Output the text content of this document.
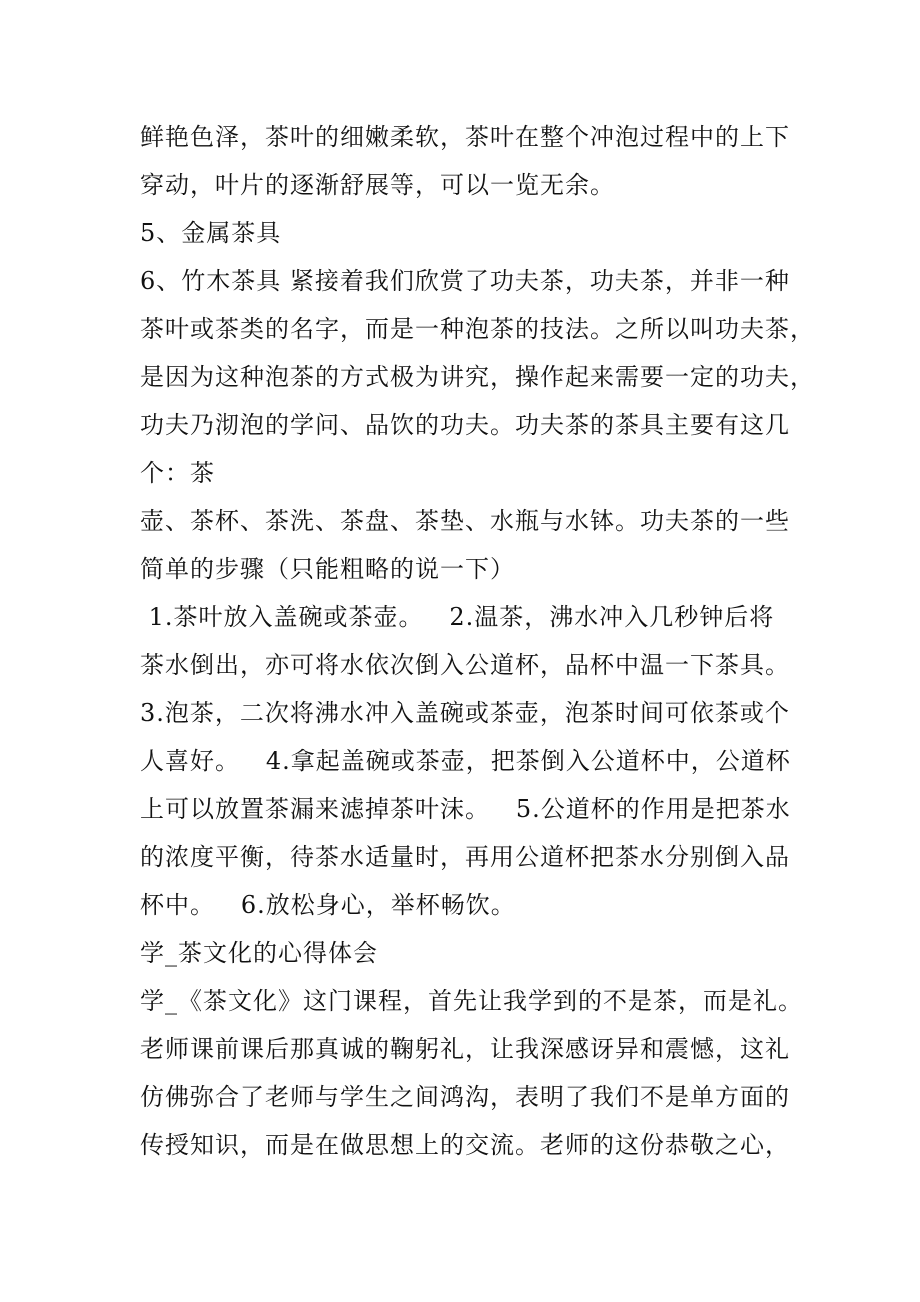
鲜艳色泽，茶叶的细嫩柔软，茶叶在整个冲泡过程中的上下
穿动，叶片的逐渐舒展等，可以一览无余。
5、金属茶具
6、竹木茶具 紧接着我们欣赏了功夫茶，功夫茶，并非一种
茶叶或茶类的名字，而是一种泡茶的技法。之所以叫功夫茶，
是因为这种泡茶的方式极为讲究，操作起来需要一定的功夫，
功夫乃沏泡的学问、品饮的功夫。功夫茶的茶具主要有这几
个：茶
壶、茶杯、茶洗、茶盘、茶垫、水瓶与水钵。功夫茶的一些
简单的步骤（只能粗略的说一下）
1.茶叶放入盖碗或茶壶。   2.温茶，沸水冲入几秒钟后将
茶水倒出，亦可将水依次倒入公道杯，品杯中温一下茶具。
3.泡茶，二次将沸水冲入盖碗或茶壶，泡茶时间可依茶或个
人喜好。   4.拿起盖碗或茶壶，把茶倒入公道杯中，公道杯
上可以放置茶漏来滤掉茶叶沫。   5.公道杯的作用是把茶水
的浓度平衡，待茶水适量时，再用公道杯把茶水分别倒入品
杯中。   6.放松身心，举杯畅饮。
学_茶文化的心得体会
学_《茶文化》这门课程，首先让我学到的不是茶，而是礼。
老师课前课后那真诚的鞠躬礼，让我深感讶异和震憾，这礼
仿佛弥合了老师与学生之间鸿沟，表明了我们不是单方面的
传授知识，而是在做思想上的交流。老师的这份恭敬之心，
